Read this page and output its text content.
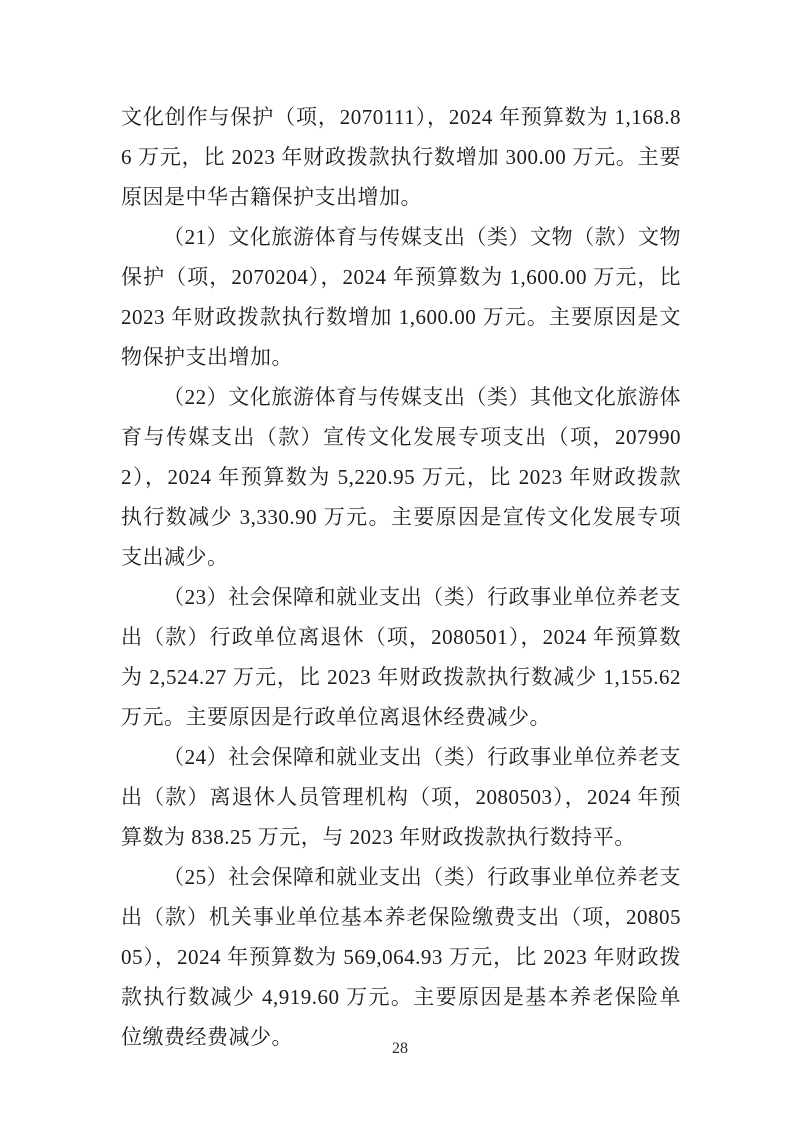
文化创作与保护（项，2070111），2024 年预算数为 1,168.86 万元，比 2023 年财政拨款执行数增加 300.00 万元。主要原因是中华古籍保护支出增加。

（21）文化旅游体育与传媒支出（类）文物（款）文物保护（项，2070204），2024 年预算数为 1,600.00 万元，比 2023 年财政拨款执行数增加 1,600.00 万元。主要原因是文物保护支出增加。

（22）文化旅游体育与传媒支出（类）其他文化旅游体育与传媒支出（款）宣传文化发展专项支出（项，2079902），2024 年预算数为 5,220.95 万元，比 2023 年财政拨款执行数减少 3,330.90 万元。主要原因是宣传文化发展专项支出减少。

（23）社会保障和就业支出（类）行政事业单位养老支出（款）行政单位离退休（项，2080501），2024 年预算数为 2,524.27 万元，比 2023 年财政拨款执行数减少 1,155.62 万元。主要原因是行政单位离退休经费减少。

（24）社会保障和就业支出（类）行政事业单位养老支出（款）离退休人员管理机构（项，2080503），2024 年预算数为 838.25 万元，与 2023 年财政拨款执行数持平。

（25）社会保障和就业支出（类）行政事业单位养老支出（款）机关事业单位基本养老保险缴费支出（项，2080505），2024 年预算数为 569,064.93 万元，比 2023 年财政拨款执行数减少 4,919.60 万元。主要原因是基本养老保险单位缴费经费减少。	28
